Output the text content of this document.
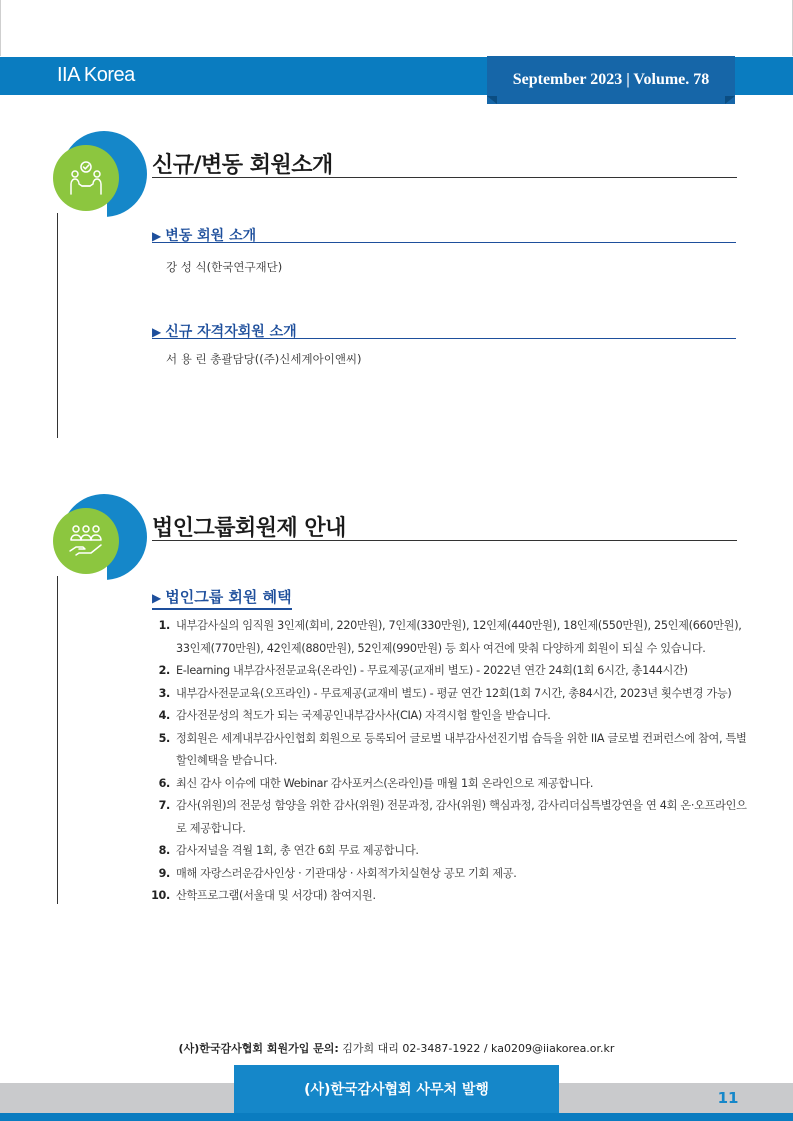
IIA Korea	September 2023 | Volume. 78
신규/변동 회원소개
▶ 변동 회원 소개
강 성 식(한국연구재단)
▶ 신규 자격자회원 소개
서 용 린 총괄담당((주)신세계아이앤씨)
법인그룹회원제 안내
▶ 법인그룹 회원 혜택
1. 내부감사실의 임직원 3인제(회비, 220만원), 7인제(330만원), 12인제(440만원), 18인제(550만원), 25인제(660만원), 33인제(770만원), 42인제(880만원), 52인제(990만원) 등 회사 여건에 맞춰 다양하게 회원이 되실 수 있습니다.
2. E-learning 내부감사전문교육(온라인) - 무료제공(교재비 별도) - 2022년 연간 24회(1회 6시간, 총144시간)
3. 내부감사전문교육(오프라인) - 무료제공(교재비 별도) - 평균 연간 12회(1회 7시간, 총84시간, 2023년 횟수변경 가능)
4. 감사전문성의 척도가 되는 국제공인내부감사사(CIA) 자격시험 할인을 받습니다.
5. 정회원은 세계내부감사인협회 회원으로 등록되어 글로벌 내부감사선진기법 습득을 위한 IIA 글로벌 컨퍼런스에 참여, 특별 할인혜택을 받습니다.
6. 최신 감사 이슈에 대한 Webinar 감사포커스(온라인)를 매월 1회 온라인으로 제공합니다.
7. 감사(위원)의 전문성 함양을 위한 감사(위원) 전문과정, 감사(위원) 핵심과정, 감사리더십특별강연을 연 4회 온·오프라인으로 제공합니다.
8. 감사저널을 격월 1회, 총 연간 6회 무료 제공합니다.
9. 매해 자랑스러운감사인상 · 기관대상 · 사회적가치실현상 공모 기회 제공.
10. 산학프로그램(서울대 및 서강대) 참여지원.
(사)한국감사협회 회원가입 문의: 김가희 대리 02-3487-1922 / ka0209@iiakorea.or.kr
(사)한국감사협회 사무처 발행	11
